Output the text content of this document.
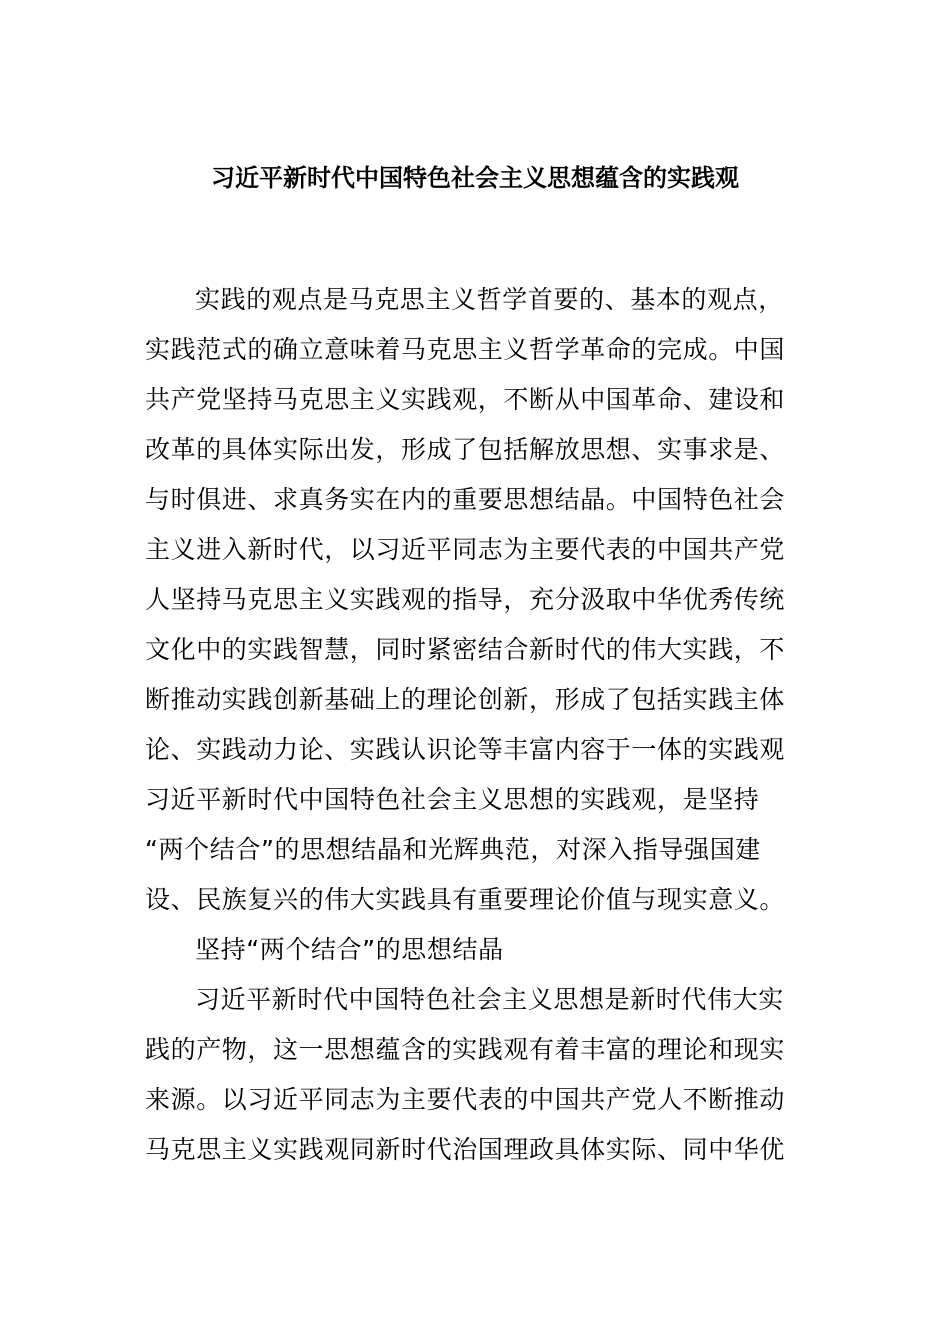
习近平新时代中国特色社会主义思想蕴含的实践观
实践的观点是马克思主义哲学首要的、基本的观点，
实践范式的确立意味着马克思主义哲学革命的完成。中国
共产党坚持马克思主义实践观，不断从中国革命、建设和
改革的具体实际出发，形成了包括解放思想、实事求是、
与时俱进、求真务实在内的重要思想结晶。中国特色社会
主义进入新时代，以习近平同志为主要代表的中国共产党
人坚持马克思主义实践观的指导，充分汲取中华优秀传统
文化中的实践智慧，同时紧密结合新时代的伟大实践，不
断推动实践创新基础上的理论创新，形成了包括实践主体
论、实践动力论、实践认识论等丰富内容于一体的实践观
习近平新时代中国特色社会主义思想的实践观，是坚持
“两个结合”的思想结晶和光辉典范，对深入指导强国建
设、民族复兴的伟大实践具有重要理论价值与现实意义。
坚持“两个结合”的思想结晶
习近平新时代中国特色社会主义思想是新时代伟大实
践的产物，这一思想蕴含的实践观有着丰富的理论和现实
来源。以习近平同志为主要代表的中国共产党人不断推动
马克思主义实践观同新时代治国理政具体实际、同中华优
